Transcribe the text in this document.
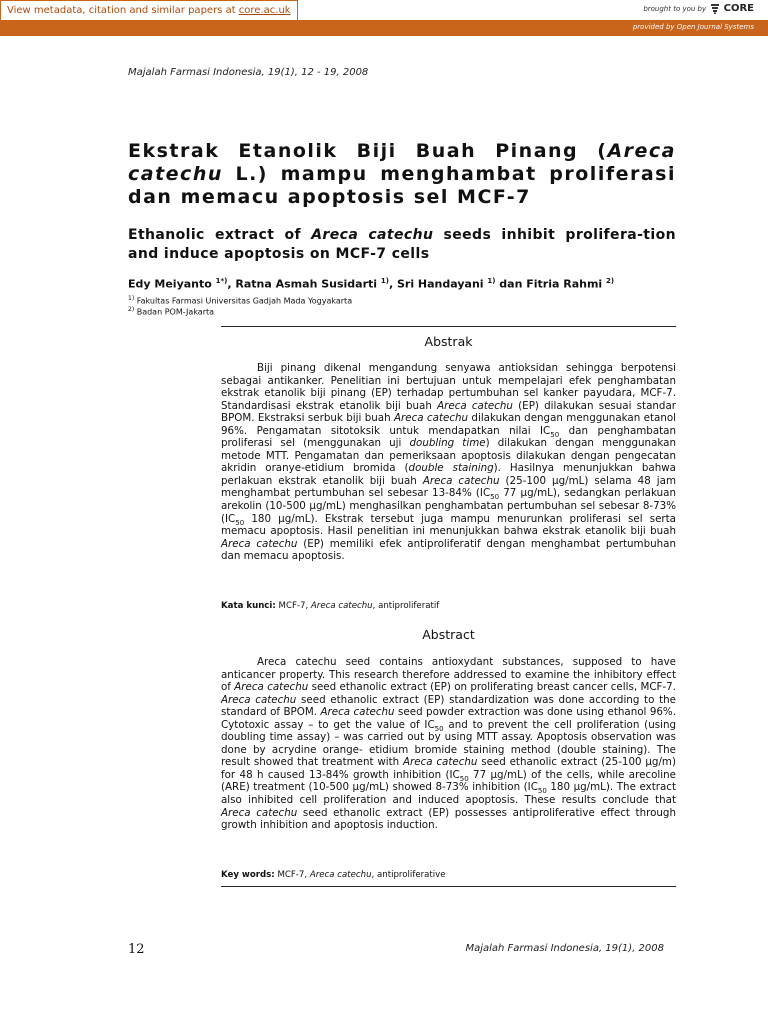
View metadata, citation and similar papers at core.ac.uk	brought to you by CORE
provided by Open Journal Systems
Majalah Farmasi Indonesia, 19(1), 12 - 19, 2008
Ekstrak Etanolik Biji Buah Pinang (Areca catechu L.) mampu menghambat proliferasi dan memacu apoptosis sel MCF-7
Ethanolic extract of Areca catechu seeds inhibit prolifera-tion and induce apoptosis on MCF-7 cells
Edy Meiyanto $^{1*)}$, Ratna Asmah Susidarti $^{1)}$, Sri Handayani $^{1)}$ dan Fitria Rahmi $^{2)}$
$^{1)}$ Fakultas Farmasi Universitas Gadjah Mada Yogyakarta
$^{2)}$ Badan POM-Jakarta
Abstrak
Biji pinang dikenal mengandung senyawa antioksidan sehingga berpotensi sebagai antikanker. Penelitian ini bertujuan untuk mempelajari efek penghambatan ekstrak etanolik biji pinang (EP) terhadap pertumbuhan sel kanker payudara, MCF-7. Standardisasi ekstrak etanolik biji buah Areca catechu (EP) dilakukan sesuai standar BPOM. Ekstraksi serbuk biji buah Areca catechu dilakukan dengan menggunakan etanol 96%. Pengamatan sitotoksik untuk mendapatkan nilai $IC_{50}$ dan penghambatan proliferasi sel (menggunakan uji doubling time) dilakukan dengan menggunakan metode MTT. Pengamatan dan pemeriksaan apoptosis dilakukan dengan pengecatan akridin oranye-etidium bromida (double staining). Hasilnya menunjukkan bahwa perlakuan ekstrak etanolik biji buah Areca catechu (25-100 μg/mL) selama 48 jam menghambat pertumbuhan sel sebesar 13-84% ($IC_{50}$ 77 μg/mL), sedangkan perlakuan arekolin (10-500 μg/mL) menghasilkan penghambatan pertumbuhan sel sebesar 8-73% ($IC_{50}$ 180 μg/mL). Ekstrak tersebut juga mampu menurunkan proliferasi sel serta memacu apoptosis. Hasil penelitian ini menunjukkan bahwa ekstrak etanolik biji buah Areca catechu (EP) memiliki efek antiproliferatif dengan menghambat pertumbuhan dan memacu apoptosis.
Kata kunci: MCF-7, Areca catechu, antiproliferatif
Abstract
Areca catechu seed contains antioxydant substances, supposed to have anticancer property. This research therefore addressed to examine the inhibitory effect of Areca catechu seed ethanolic extract (EP) on proliferating breast cancer cells, MCF-7. Areca catechu seed ethanolic extract (EP) standardization was done according to the standard of BPOM. Areca catechu seed powder extraction was done using ethanol 96%. Cytotoxic assay – to get the value of $IC_{50}$ and to prevent the cell proliferation (using doubling time assay) – was carried out by using MTT assay. Apoptosis observation was done by acrydine orange- etidium bromide staining method (double staining). The result showed that treatment with Areca catechu seed ethanolic extract (25-100 μg/m) for 48 h caused 13-84% growth inhibition ($IC_{50}$ 77 μg/mL) of the cells, while arecoline (ARE) treatment (10-500 μg/mL) showed 8-73% inhibition ($IC_{50}$ 180 μg/mL). The extract also inhibited cell proliferation and induced apoptosis. These results conclude that Areca catechu seed ethanolic extract (EP) possesses antiproliferative effect through growth inhibition and apoptosis induction.
Key words: MCF-7, Areca catechu, antiproliferative
12	Majalah Farmasi Indonesia, 19(1), 2008
